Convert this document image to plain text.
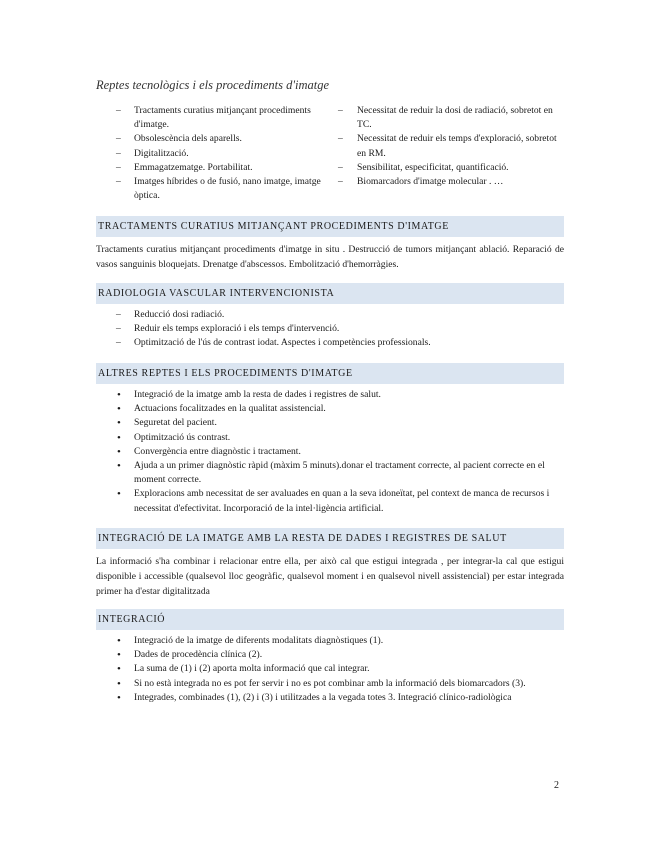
Reptes tecnològics i els procediments d'imatge
– Tractaments curatius mitjançant procediments d'imatge.
– Obsolescència dels aparells.
– Digitalització.
– Emmagatzematge. Portabilitat.
– Imatges híbrides o de fusió, nano imatge, imatge òptica.
– Necessitat de reduir la dosi de radiació, sobretot en TC.
– Necessitat de reduir els temps d'exploració, sobretot en RM.
– Sensibilitat, especificitat, quantificació.
– Biomarcadors d'imatge molecular . …
TRACTAMENTS CURATIUS MITJANÇANT PROCEDIMENTS D'IMATGE
Tractaments curatius mitjançant procediments d'imatge in situ . Destrucció de tumors mitjançant ablació. Reparació de vasos sanguinis bloquejats. Drenatge d'abscessos. Embolització d'hemorràgies.
RADIOLOGIA VASCULAR INTERVENCIONISTA
– Reducció dosi radiació.
– Reduir els temps exploració i els temps d'intervenció.
– Optimització de l'ús de contrast iodat. Aspectes i competències professionals.
ALTRES REPTES I ELS PROCEDIMENTS D'IMATGE
• Integració de la imatge amb la resta de dades i registres de salut.
• Actuacions focalitzades en la qualitat assistencial.
• Seguretat del pacient.
• Optimització ús contrast.
• Convergència entre diagnòstic i tractament.
• Ajuda a un primer diagnòstic ràpid (màxim 5 minuts).donar el tractament correcte, al pacient correcte en el moment correcte.
• Exploracions amb necessitat de ser avaluades en quan a la seva idoneïtat, pel context de manca de recursos i necessitat d'efectivitat. Incorporació de la intel·ligència artificial.
INTEGRACIÓ DE LA IMATGE AMB LA RESTA DE DADES I REGISTRES DE SALUT
La informació s'ha combinar i relacionar entre ella, per això cal que estigui integrada , per integrar-la cal que estigui disponible i accessible (qualsevol lloc geogràfic, qualsevol moment i en qualsevol nivell assistencial) per estar integrada primer ha d'estar digitalitzada
INTEGRACIÓ
• Integració de la imatge de diferents modalitats diagnòstiques (1).
• Dades de procedència clínica (2).
• La suma de (1) i (2) aporta molta informació que cal integrar.
• Si no està integrada no es pot fer servir i no es pot combinar amb la informació dels biomarcadors (3).
• Integrades, combinades (1), (2) i (3) i utilitzades a la vegada totes 3. Integració clínico-radiològica
2
